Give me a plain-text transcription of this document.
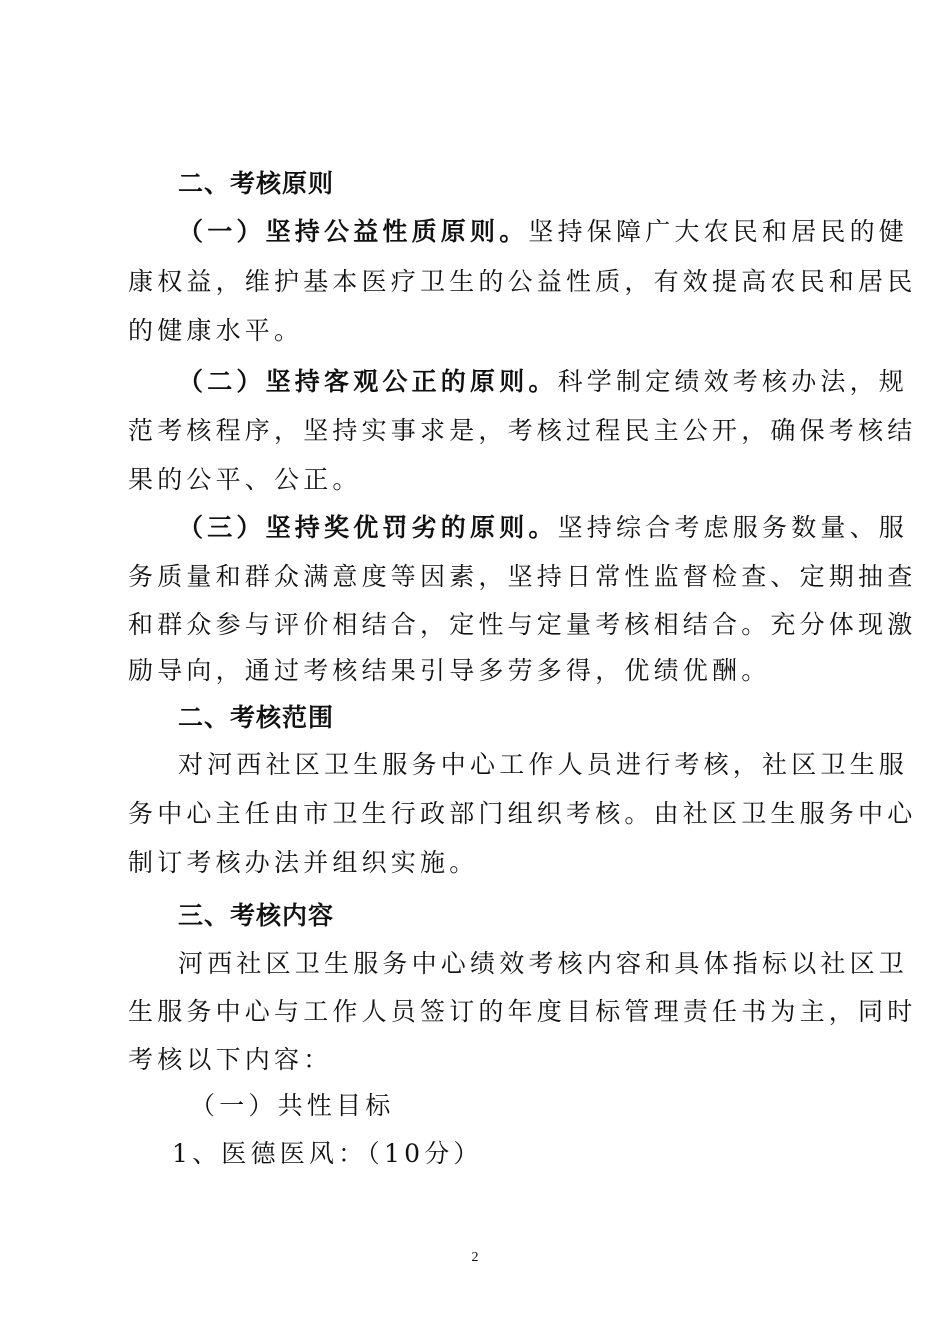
二、考核原则
（一）坚持公益性质原则。坚持保障广大农民和居民的健
康权益，维护基本医疗卫生的公益性质，有效提高农民和居民
的健康水平。
（二）坚持客观公正的原则。科学制定绩效考核办法，规
范考核程序，坚持实事求是，考核过程民主公开，确保考核结
果的公平、公正。
（三）坚持奖优罚劣的原则。坚持综合考虑服务数量、服
务质量和群众满意度等因素，坚持日常性监督检查、定期抽查
和群众参与评价相结合，定性与定量考核相结合。充分体现激
励导向，通过考核结果引导多劳多得，优绩优酬。
二、考核范围
对河西社区卫生服务中心工作人员进行考核，社区卫生服
务中心主任由市卫生行政部门组织考核。由社区卫生服务中心
制订考核办法并组织实施。
三、考核内容
河西社区卫生服务中心绩效考核内容和具体指标以社区卫
生服务中心与工作人员签订的年度目标管理责任书为主，同时
考核以下内容：
（一）共性目标
1、医德医风：（10分）
2
